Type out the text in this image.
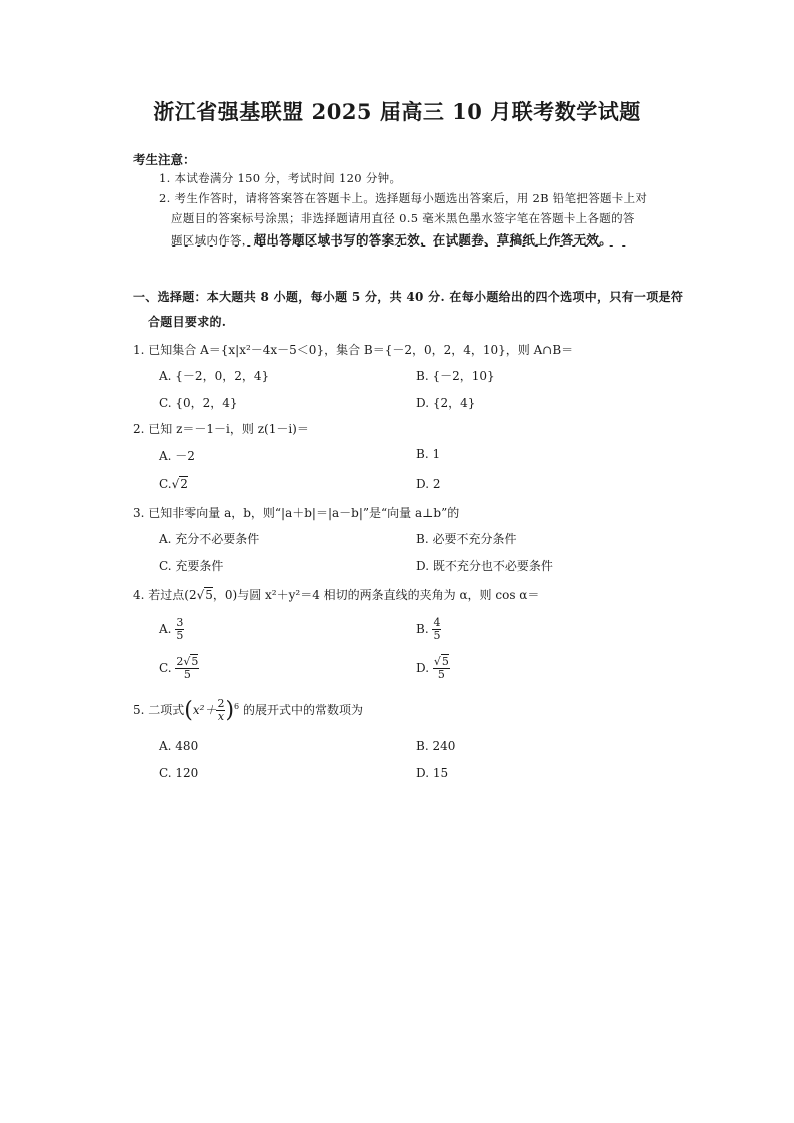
浙江省强基联盟 2025 届高三 10 月联考数学试题
考生注意：
1. 本试卷满分 150 分，考试时间 120 分钟。
2. 考生作答时，请将答案答在答题卡上。选择题每小题选出答案后，用 2B 铅笔把答题卡上对
应题目的答案标号涂黑；非选择题请用直径 0.5 毫米黑色墨水签字笔在答题卡上各题的答
题区域内作答，超出答题区域书写的答案无效，在试题卷、草稿纸上作答无效。
一、选择题：本大题共 8 小题，每小题 5 分，共 40 分. 在每小题给出的四个选项中，只有一项是符
合题目要求的.
1. 已知集合 A＝{x|x²－4x－5＜0}，集合 B＝{－2，0，2，4，10}，则 A∩B＝
A. {－2，0，2，4}	B. {－2，10}
C. {0，2，4}	D. {2，4}
2. 已知 z＝－1－i，则 z(1－i)＝
A. －2	B. 1
C.√2	D. 2
3. 已知非零向量 a，b，则“|a＋b|＝|a－b|”是“向量 a⊥b”的
A. 充分不必要条件	B. 必要不充分条件
C. 充要条件	D. 既不充分也不必要条件
4. 若过点(2√5，0)与圆 x²＋y²＝4 相切的两条直线的夹角为 α，则 cos α＝
A. $\frac{3}{5}$	B. $\frac{4}{5}$
C. $\frac{2√5}{5}$	D. $\frac{√5}{5}$
5. 二项式$(x^2+ \frac{2}{x} )^6$ 的展开式中的常数项为
A. 480	B. 240
C. 120	D. 15
